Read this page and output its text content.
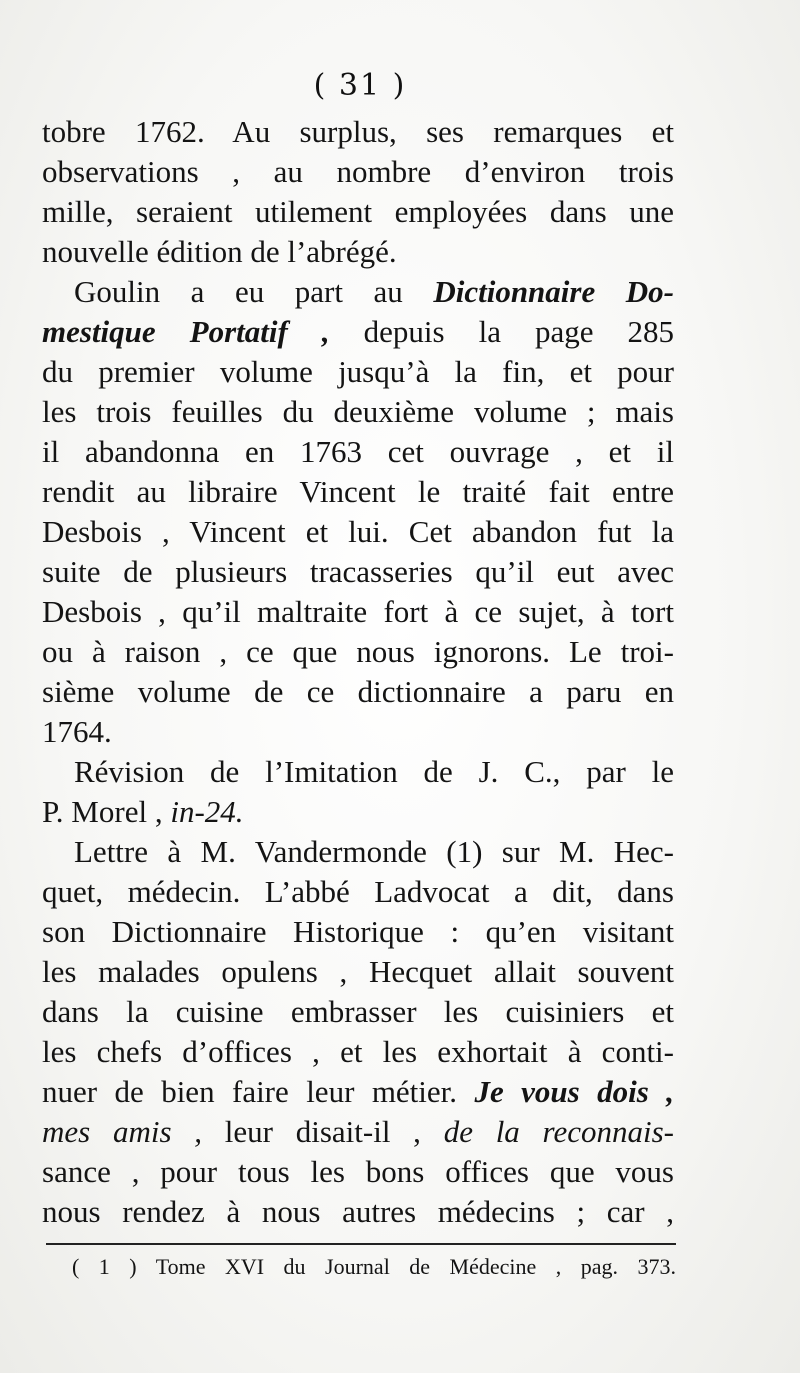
( 31 )
tobre 1762. Au surplus, ses remarques et
observations , au nombre d’environ trois
mille, seraient utilement employées dans une
nouvelle édition de l’abrégé.
Goulin a eu part au Dictionnaire Do-
mestique Portatif , depuis la page 285
du premier volume jusqu’à la fin, et pour
les trois feuilles du deuxième volume ; mais
il abandonna en 1763 cet ouvrage , et il
rendit au libraire Vincent le traité fait entre
Desbois , Vincent et lui. Cet abandon fut la
suite de plusieurs tracasseries qu’il eut avec
Desbois , qu’il maltraite fort à ce sujet, à tort
ou à raison , ce que nous ignorons. Le troi-
sième volume de ce dictionnaire a paru en
1764.
Révision de l’Imitation de J. C., par le
P. Morel , in-24.
Lettre à M. Vandermonde (1) sur M. Hec-
quet, médecin. L’abbé Ladvocat a dit, dans
son Dictionnaire Historique : qu’en visitant
les malades opulens , Hecquet allait souvent
dans la cuisine embrasser les cuisiniers et
les chefs d’offices , et les exhortait à conti-
nuer de bien faire leur métier. Je vous dois ,
mes amis , leur disait-il , de la reconnais-
sance , pour tous les bons offices que vous
nous rendez à nous autres médecins ; car ,
( 1 ) Tome XVI du Journal de Médecine , pag. 373.
